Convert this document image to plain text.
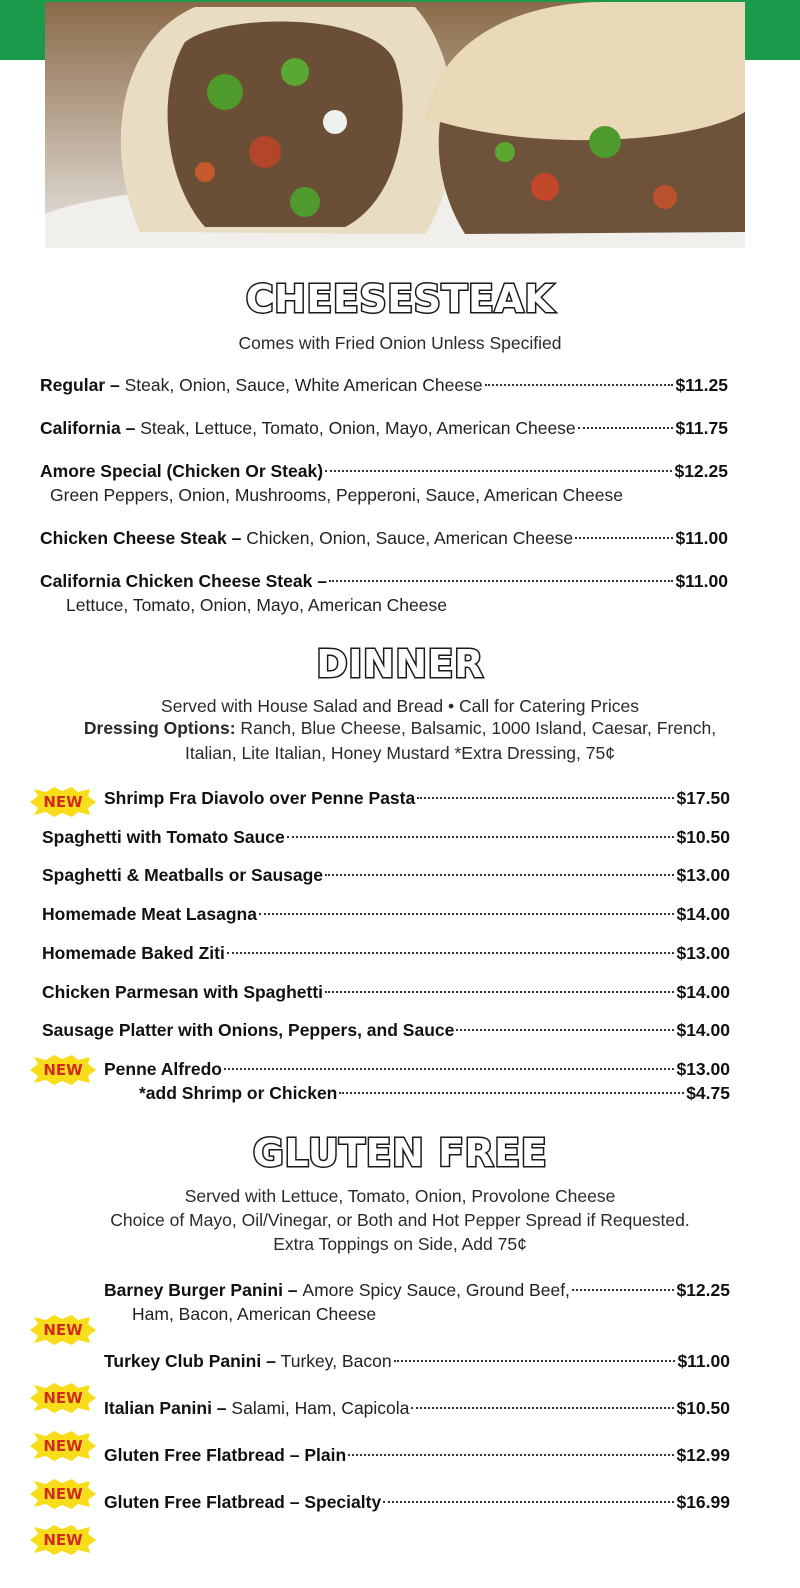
CHEESESTEAK
Comes with Fried Onion Unless Specified
Regular –
Steak, Onion, Sauce, White American Cheese	$11.25
California –
Steak, Lettuce, Tomato, Onion, Mayo, American Cheese	$11.75
Amore Special (Chicken Or Steak)	$12.25
Green Peppers, Onion, Mushrooms, Pepperoni, Sauce, American Cheese
Chicken Cheese Steak –
Chicken, Onion, Sauce, American Cheese	$11.00
California Chicken Cheese Steak –	$11.00
Lettuce, Tomato, Onion, Mayo, American Cheese
DINNER
Served with House Salad and Bread • Call for Catering Prices
Dressing Options: Ranch, Blue Cheese, Balsamic, 1000 Island, Caesar, French,
Italian, Lite Italian, Honey Mustard *Extra Dressing, 75¢
NEW	Shrimp Fra Diavolo over Penne Pasta	$17.50
Spaghetti with Tomato Sauce	$10.50
Spaghetti & Meatballs or Sausage	$13.00
Homemade Meat Lasagna	$14.00
Homemade Baked Ziti	$13.00
Chicken Parmesan with Spaghetti	$14.00
Sausage Platter with Onions, Peppers, and Sauce	$14.00
NEW	Penne Alfredo	$13.00
*add Shrimp or Chicken	$4.75
GLUTEN FREE
Served with Lettuce, Tomato, Onion, Provolone Cheese
Choice of Mayo, Oil/Vinegar, or Both and Hot Pepper Spread if Requested.
Extra Toppings on Side, Add 75¢
Barney Burger Panini –
Amore Spicy Sauce, Ground Beef,	$12.25
Ham, Bacon, American Cheese
NEW
Turkey Club Panini –
Turkey, Bacon	$11.00
NEW	Italian Panini –
Salami, Ham, Capicola	$10.50
NEW	Gluten Free Flatbread – Plain	$12.99
NEW	Gluten Free Flatbread – Specialty	$16.99
NEW
